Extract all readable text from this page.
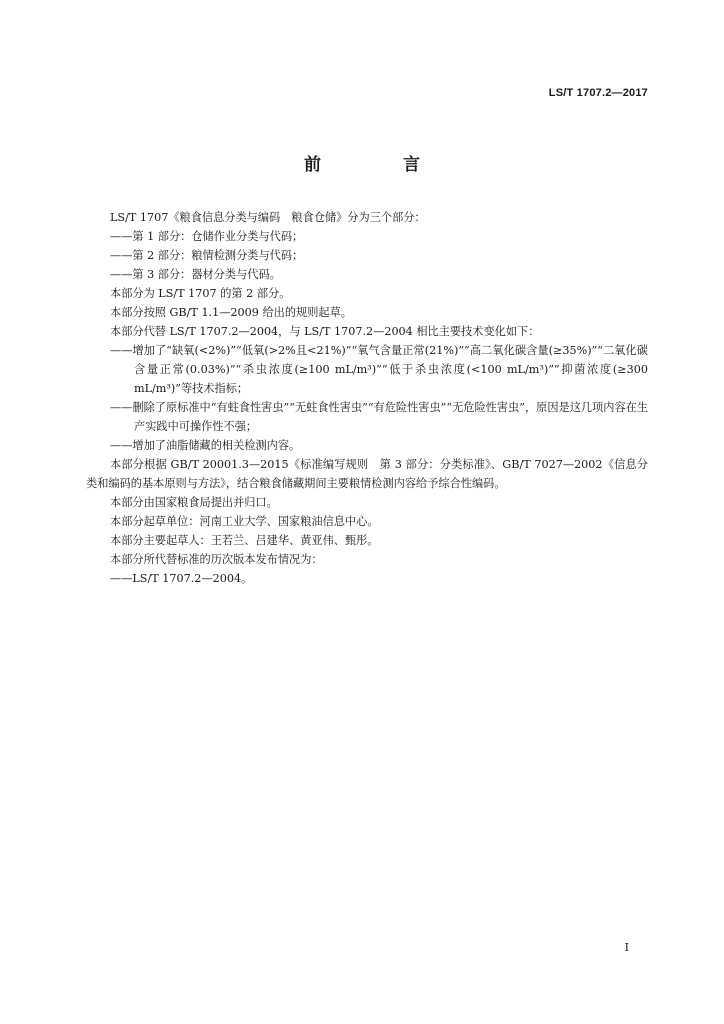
LS/T 1707.2—2017
前 言

LS/T 1707《粮食信息分类与编码　粮食仓储》分为三个部分：

——第 1 部分：仓储作业分类与代码；

——第 2 部分：粮情检测分类与代码；

——第 3 部分：器材分类与代码。

本部分为 LS/T 1707 的第 2 部分。

本部分按照 GB/T 1.1—2009 给出的规则起草。

本部分代替 LS/T 1707.2—2004，与 LS/T 1707.2—2004 相比主要技术变化如下：

——增加了“缺氧(<2%)”“低氧(>2%且<21%)”“氧气含量正常(21%)”“高二氧化碳含量(≥35%)”“二氧化碳含量正常(0.03%)”“杀虫浓度(≥100 mL/m³)”“低于杀虫浓度(<100 mL/m³)”“抑菌浓度(≥300 mL/m³)”等技术指标；

——删除了原标准中“有蛀食性害虫”“无蛀食性害虫”“有危险性害虫”“无危险性害虫”，原因是这几项内容在生产实践中可操作性不强；

——增加了油脂储藏的相关检测内容。

本部分根据 GB/T 20001.3—2015《标准编写规则　第 3 部分：分类标准》、GB/T 7027—2002《信息分类和编码的基本原则与方法》，结合粮食储藏期间主要粮情检测内容给予综合性编码。

本部分由国家粮食局提出并归口。

本部分起草单位：河南工业大学、国家粮油信息中心。

本部分主要起草人：王若兰、吕建华、黄亚伟、甄彤。

本部分所代替标准的历次版本发布情况为：

——LS/T 1707.2—2004。

I
